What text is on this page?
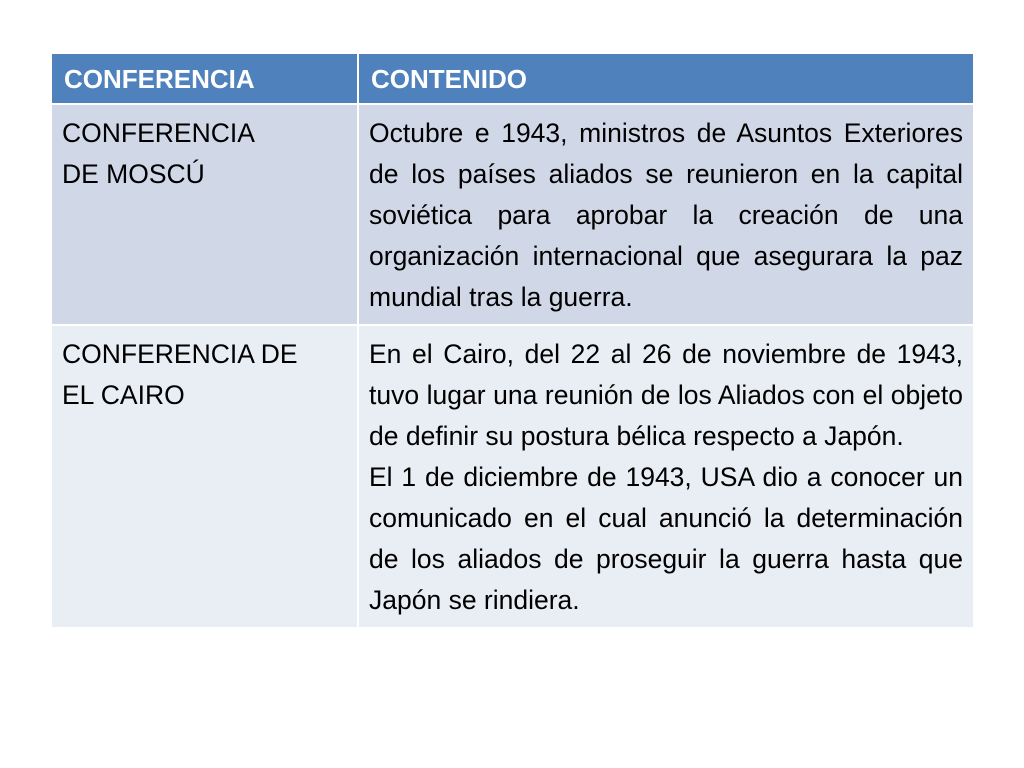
CONFERENCIA	CONTENIDO
CONFERENCIA
DE MOSCÚ	Octubre e 1943, ministros de Asuntos Exteriores de los países aliados se reunieron en la capital soviética para aprobar la creación de una organización internacional que asegurara la paz mundial tras la guerra.

CONFERENCIA DE
EL CAIRO	En el Cairo, del 22 al 26 de noviembre de 1943, tuvo lugar una reunión de los Aliados con el objeto de definir su postura bélica respecto a Japón.
El 1 de diciembre de 1943, USA dio a conocer un comunicado en el cual anunció la determinación de los aliados de proseguir la guerra hasta que Japón se rindiera.
